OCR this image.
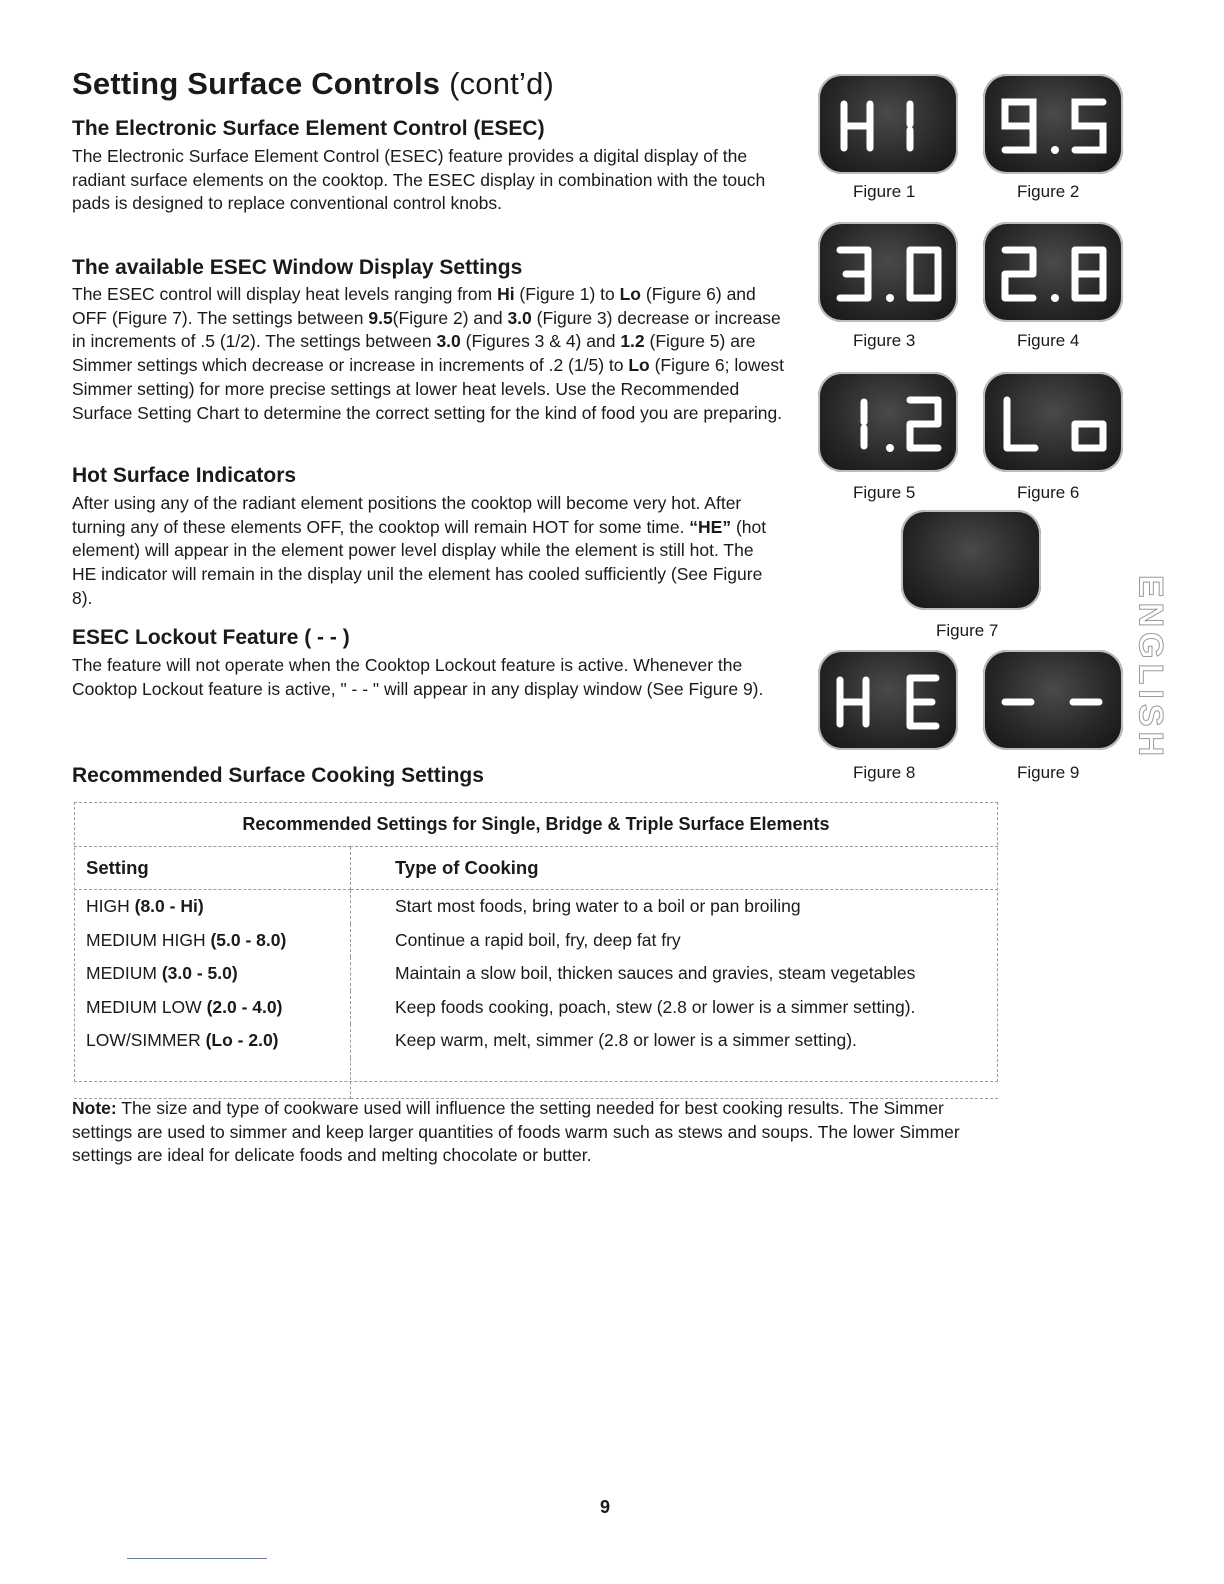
Setting Surface Controls (cont’d)
The Electronic Surface Element Control (ESEC)

The Electronic Surface Element Control (ESEC) feature provides a digital display of the radiant surface elements on the cooktop. The ESEC display in combination with the touch pads is designed to replace conventional control knobs.

The available ESEC Window Display Settings

The ESEC control will display heat levels ranging from Hi (Figure 1) to Lo (Figure 6) and OFF (Figure 7). The settings between 9.5(Figure 2) and 3.0 (Figure 3) decrease or increase in increments of .5 (1/2). The settings between 3.0 (Figures 3 & 4) and 1.2 (Figure 5) are Simmer settings which decrease or increase in increments of .2 (1/5) to Lo (Figure 6; lowest Simmer setting) for more precise settings at lower heat levels. Use the Recommended Surface Setting Chart to determine the correct setting for the kind of food you are preparing.

Hot Surface Indicators

After using any of the radiant element positions the cooktop will become very hot. After turning any of these elements OFF, the cooktop will remain HOT for some time. “HE” (hot element) will appear in the element power level display while the element is still hot. The HE indicator will remain in the display unil the element has cooled sufficiently (See Figure 8).

ESEC Lockout Feature ( - - )

The feature will not operate when the Cooktop Lockout feature is active. Whenever the Cooktop Lockout feature is active, " - - " will appear in any display window (See Figure 9).

Recommended Surface Cooking Settings
Figure 1	Figure 2
Figure 3	Figure 4
Figure 5	Figure 6
Figure 7
Figure 8	Figure 9
ENGLISH
Recommended Settings for Single, Bridge & Triple Surface Elements	
Setting	Type of Cooking
HIGH (8.0 - Hi)	Start most foods, bring water to a boil or pan broiling
MEDIUM HIGH (5.0 - 8.0)	Continue a rapid boil, fry, deep fat fry
MEDIUM (3.0 - 5.0)	Maintain a slow boil, thicken sauces and gravies, steam vegetables
MEDIUM LOW (2.0 - 4.0)	Keep foods cooking, poach, stew (2.8 or lower is a simmer setting).
LOW/SIMMER (Lo - 2.0)	Keep warm, melt, simmer (2.8 or lower is a simmer setting).

Note: The size and type of cookware used will influence the setting needed for best cooking results. The Simmer settings are used to simmer and keep larger quantities of foods warm such as stews and soups. The lower Simmer settings are ideal for delicate foods and melting chocolate or butter.

9
